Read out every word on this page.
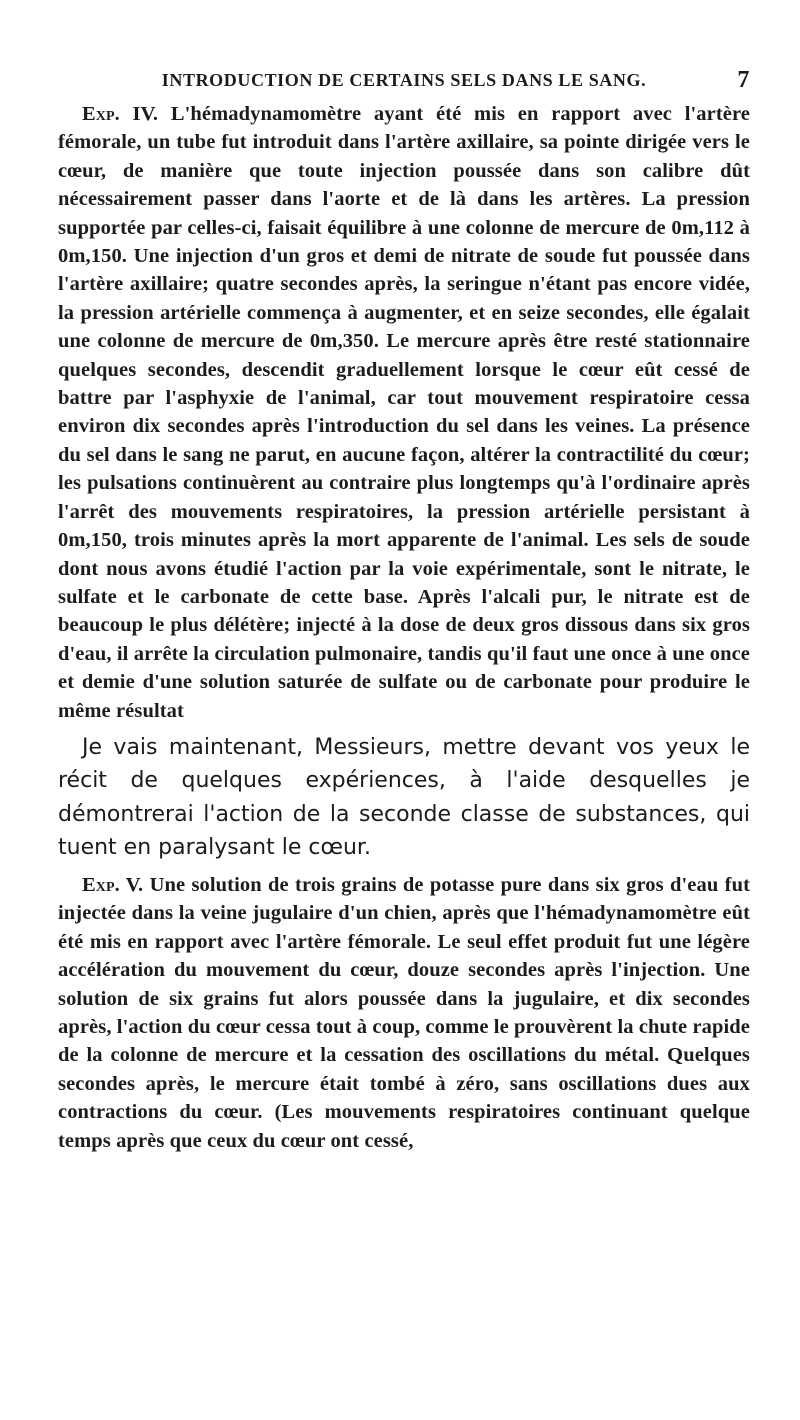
INTRODUCTION DE CERTAINS SELS DANS LE SANG.	7

Exp. IV. L'hémadynamomètre ayant été mis en rapport avec l'artère fémorale, un tube fut introduit dans l'artère axillaire, sa pointe dirigée vers le cœur, de manière que toute injection poussée dans son calibre dût nécessairement passer dans l'aorte et de là dans les artères. La pression supportée par celles-ci, faisait équilibre à une colonne de mercure de 0m,112 à 0m,150. Une injection d'un gros et demi de nitrate de soude fut poussée dans l'artère axillaire; quatre secondes après, la seringue n'étant pas encore vidée, la pression artérielle commença à augmenter, et en seize secondes, elle égalait une colonne de mercure de 0m,350. Le mercure après être resté stationnaire quelques secondes, descendit graduellement lorsque le cœur eût cessé de battre par l'asphyxie de l'animal, car tout mouvement respiratoire cessa environ dix secondes après l'introduction du sel dans les veines. La présence du sel dans le sang ne parut, en aucune façon, altérer la contractilité du cœur; les pulsations continuèrent au contraire plus longtemps qu'à l'ordinaire après l'arrêt des mouvements respiratoires, la pression artérielle persistant à 0m,150, trois minutes après la mort apparente de l'animal. Les sels de soude dont nous avons étudié l'action par la voie expérimentale, sont le nitrate, le sulfate et le carbonate de cette base. Après l'alcali pur, le nitrate est de beaucoup le plus délétère; injecté à la dose de deux gros dissous dans six gros d'eau, il arrête la circulation pulmonaire, tandis qu'il faut une once à une once et demie d'une solution saturée de sulfate ou de carbonate pour produire le même résultat

Je vais maintenant, Messieurs, mettre devant vos yeux le récit de quelques expériences, à l'aide desquelles je démontrerai l'action de la seconde classe de substances, qui tuent en paralysant le cœur.

Exp. V. Une solution de trois grains de potasse pure dans six gros d'eau fut injectée dans la veine jugulaire d'un chien, après que l'hémadynamomètre eût été mis en rapport avec l'artère fémorale. Le seul effet produit fut une légère accélération du mouvement du cœur, douze secondes après l'injection. Une solution de six grains fut alors poussée dans la jugulaire, et dix secondes après, l'action du cœur cessa tout à coup, comme le prouvèrent la chute rapide de la colonne de mercure et la cessation des oscillations du métal. Quelques secondes après, le mercure était tombé à zéro, sans oscillations dues aux contractions du cœur. (Les mouvements respiratoires continuant quelque temps après que ceux du cœur ont cessé,
